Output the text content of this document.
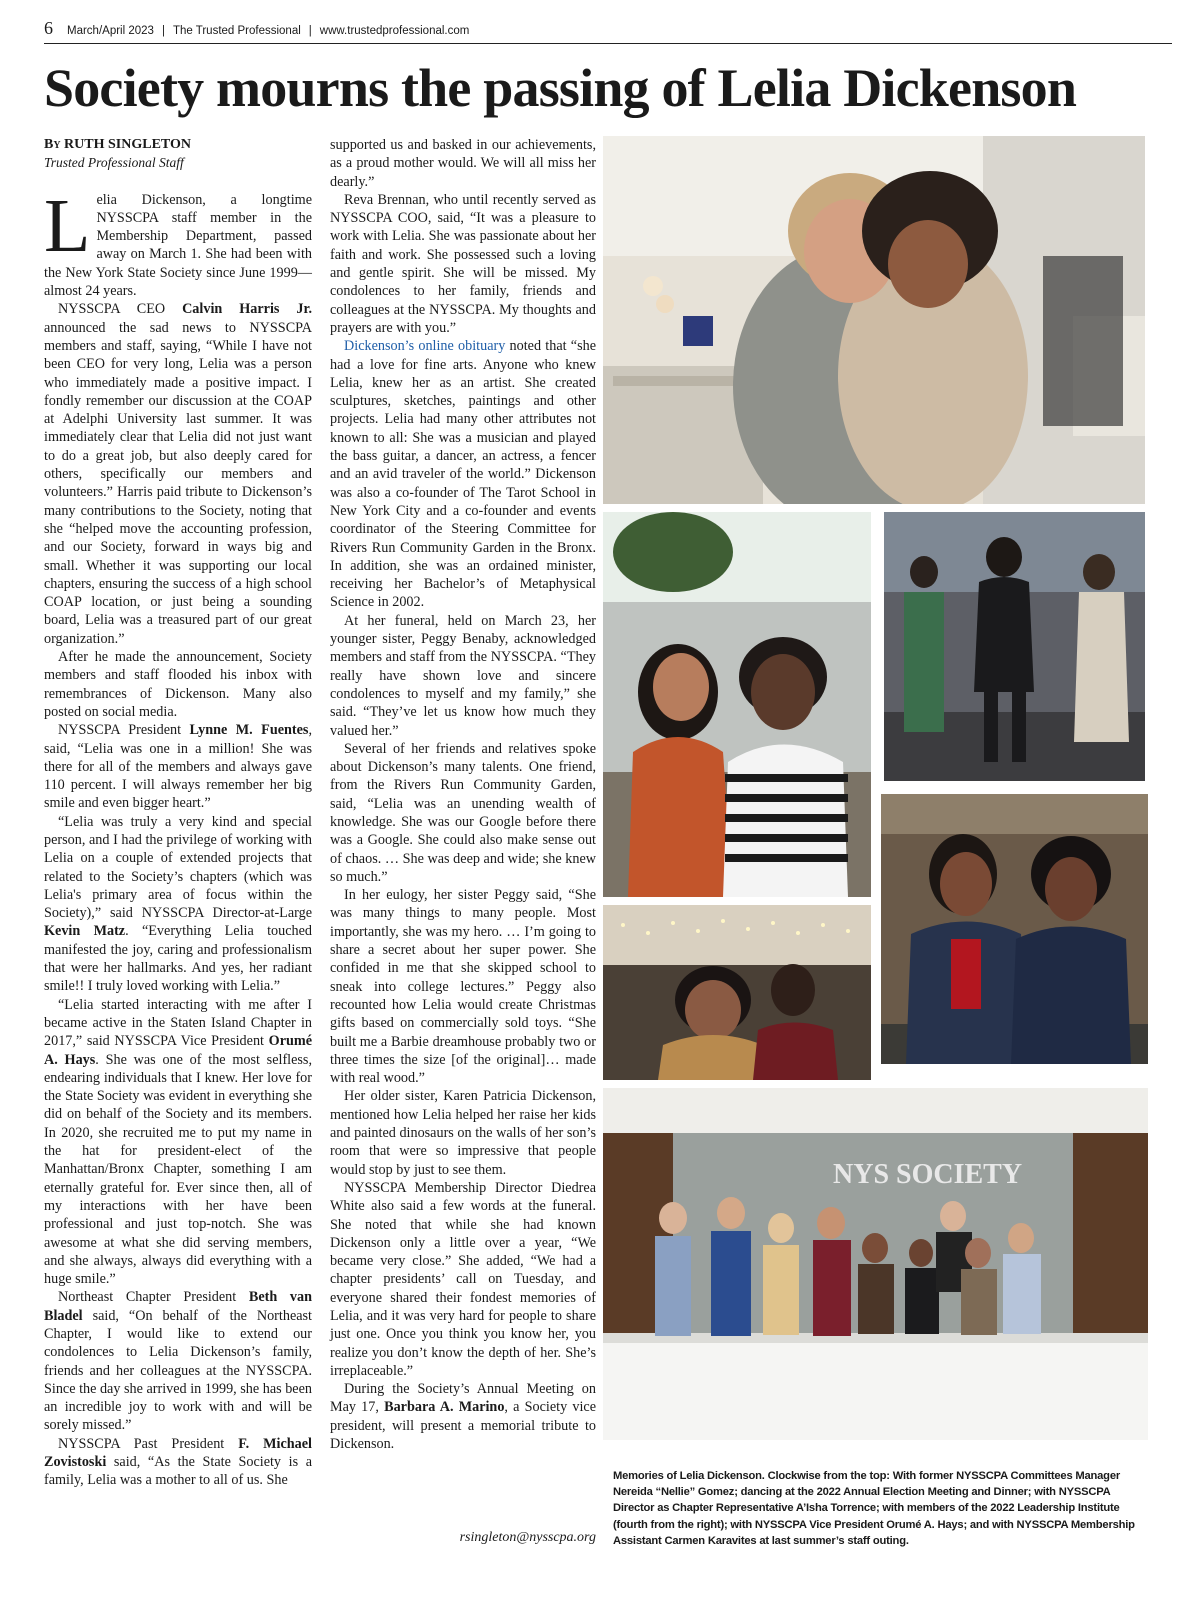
6 March/April 2023 | The Trusted Professional | www.trustedprofessional.com
Society mourns the passing of Lelia Dickenson

By RUTH SINGLETON

Trusted Professional Staff

Lelia Dickenson, a longtime NYSSCPA staff member in the Membership Department, passed away on March 1. She had been with the New York State Society since June 1999—almost 24 years.

NYSSCPA CEO Calvin Harris Jr. announced the sad news to NYSSCPA members and staff, saying, “While I have not been CEO for very long, Lelia was a person who immediately made a positive impact. I fondly remember our discussion at the COAP at Adelphi University last summer. It was immediately clear that Lelia did not just want to do a great job, but also deeply cared for others, specifically our members and volunteers.” Harris paid tribute to Dickenson’s many contributions to the Society, noting that she “helped move the accounting profession, and our Society, forward in ways big and small. Whether it was supporting our local chapters, ensuring the success of a high school COAP location, or just being a sounding board, Lelia was a treasured part of our great organization.”

After he made the announcement, Society members and staff flooded his inbox with remembrances of Dickenson. Many also posted on social media.

NYSSCPA President Lynne M. Fuentes, said, “Lelia was one in a million! She was there for all of the members and always gave 110 percent. I will always remember her big smile and even bigger heart.”

“Lelia was truly a very kind and special person, and I had the privilege of working with Lelia on a couple of extended projects that related to the Society’s chapters (which was Lelia's primary area of focus within the Society),” said NYSSCPA Director-at-Large Kevin Matz. “Everything Lelia touched manifested the joy, caring and professionalism that were her hallmarks. And yes, her radiant smile!! I truly loved working with Lelia.”

“Lelia started interacting with me after I became active in the Staten Island Chapter in 2017,” said NYSSCPA Vice President Orumé A. Hays. She was one of the most selfless, endearing individuals that I knew. Her love for the State Society was evident in everything she did on behalf of the Society and its members. In 2020, she recruited me to put my name in the hat for president-elect of the Manhattan/Bronx Chapter, something I am eternally grateful for. Ever since then, all of my interactions with her have been professional and just top-notch. She was awesome at what she did serving members, and she always, always did everything with a huge smile.”

Northeast Chapter President Beth van Bladel said, “On behalf of the Northeast Chapter, I would like to extend our condolences to Lelia Dickenson’s family, friends and her colleagues at the NYSSCPA. Since the day she arrived in 1999, she has been an incredible joy to work with and will be sorely missed.”

NYSSCPA Past President F. Michael Zovistoski said, “As the State Society is a family, Lelia was a mother to all of us. She

supported us and basked in our achievements, as a proud mother would. We will all miss her dearly.”

Reva Brennan, who until recently served as NYSSCPA COO, said, “It was a pleasure to work with Lelia. She was passionate about her faith and work. She possessed such a loving and gentle spirit. She will be missed. My condolences to her family, friends and colleagues at the NYSSCPA. My thoughts and prayers are with you.”

Dickenson’s online obituary noted that “she had a love for fine arts. Anyone who knew Lelia, knew her as an artist. She created sculptures, sketches, paintings and other projects. Lelia had many other attributes not known to all: She was a musician and played the bass guitar, a dancer, an actress, a fencer and an avid traveler of the world.” Dickenson was also a co-founder of The Tarot School in New York City and a co-founder and events coordinator of the Steering Committee for Rivers Run Community Garden in the Bronx. In addition, she was an ordained minister, receiving her Bachelor’s of Metaphysical Science in 2002.

At her funeral, held on March 23, her younger sister, Peggy Benaby, acknowledged members and staff from the NYSSCPA. “They really have shown love and sincere condolences to myself and my family,” she said. “They’ve let us know how much they valued her.”

Several of her friends and relatives spoke about Dickenson’s many talents. One friend, from the Rivers Run Community Garden, said, “Lelia was an unending wealth of knowledge. She was our Google before there was a Google. She could also make sense out of chaos. … She was deep and wide; she knew so much.”

In her eulogy, her sister Peggy said, “She was many things to many people. Most importantly, she was my hero. … I’m going to share a secret about her super power. She confided in me that she skipped school to sneak into college lectures.” Peggy also recounted how Lelia would create Christmas gifts based on commercially sold toys. “She built me a Barbie dreamhouse probably two or three times the size [of the original]… made with real wood.”

Her older sister, Karen Patricia Dickenson, mentioned how Lelia helped her raise her kids and painted dinosaurs on the walls of her son’s room that were so impressive that people would stop by just to see them.

NYSSCPA Membership Director Diedrea White also said a few words at the funeral. She noted that while she had known Dickenson only a little over a year, “We became very close.” She added, “We had a chapter presidents’ call on Tuesday, and everyone shared their fondest memories of Lelia, and it was very hard for people to share just one. Once you think you know her, you realize you don’t know the depth of her. She’s irreplaceable.”

During the Society’s Annual Meeting on May 17, Barbara A. Marino, a Society vice president, will present a memorial tribute to Dickenson.

rsingleton@nysscpa.org
NYS SOCIETY
Memories of Lelia Dickenson. Clockwise from the top: With former NYSSCPA Committees Manager Nereida “Nellie” Gomez; dancing at the 2022 Annual Election Meeting and Dinner; with NYSSCPA Director as Chapter Representative A’Isha Torrence; with members of the 2022 Leadership Institute (fourth from the right); with NYSSCPA Vice President Orumé A. Hays; and with NYSSCPA Membership Assistant Carmen Karavites at last summer’s staff outing.
